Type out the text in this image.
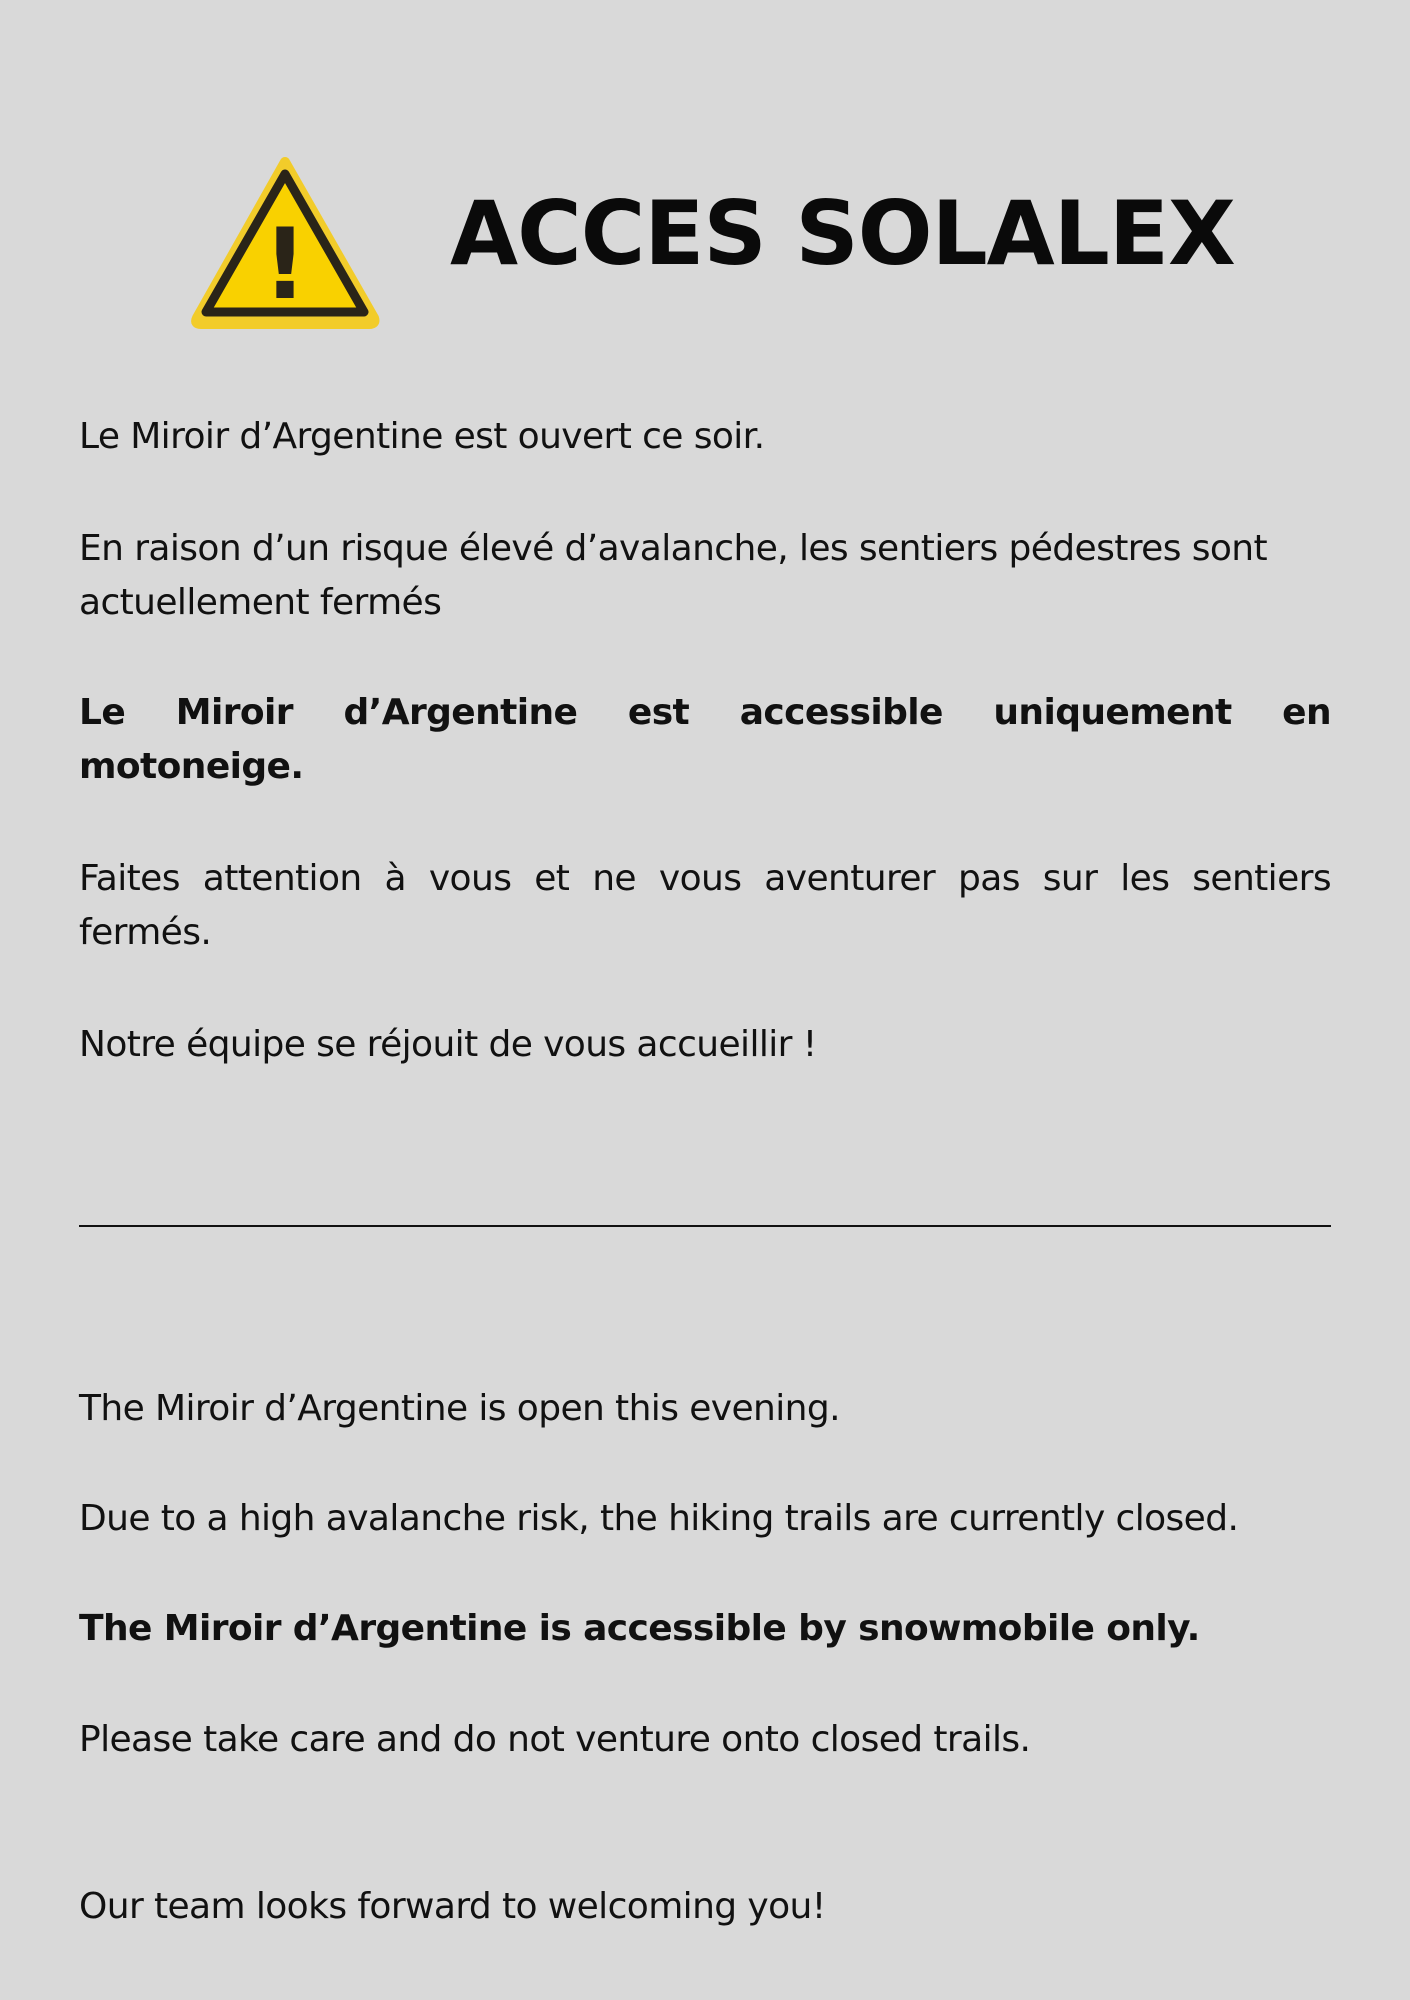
! ACCES SOLALEX

Le Miroir d’Argentine est ouvert ce soir.

En raison d’un risque élevé d’avalanche, les sentiers pédestres sont actuellement fermés

Le Miroir d’Argentine est accessible uniquement en motoneige.

Faites attention à vous et ne vous aventurer pas sur les sentiers fermés.

Notre équipe se réjouit de vous accueillir !

The Miroir d’Argentine is open this evening.

Due to a high avalanche risk, the hiking trails are currently closed.

The Miroir d’Argentine is accessible by snowmobile only.

Please take care and do not venture onto closed trails.

Our team looks forward to welcoming you!
